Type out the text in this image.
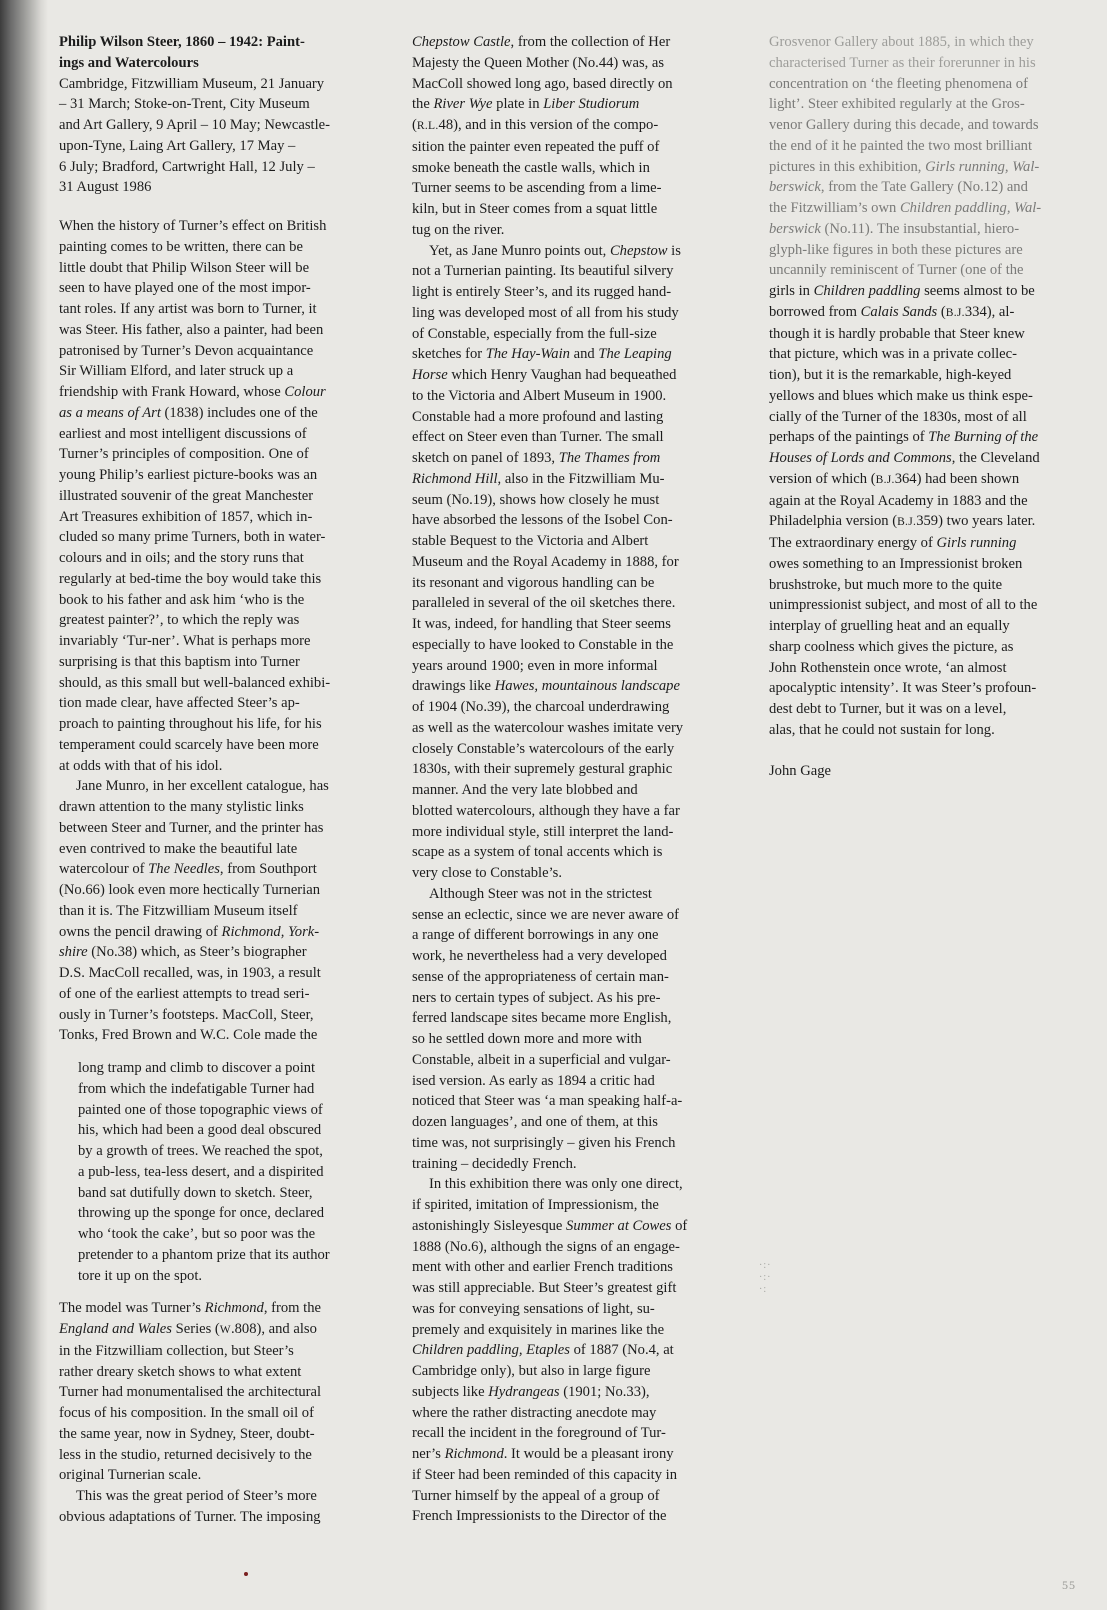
Philip Wilson Steer, 1860 – 1942: Paint-
ings and Watercolours
Cambridge, Fitzwilliam Museum, 21 January
– 31 March; Stoke-on-Trent, City Museum
and Art Gallery, 9 April – 10 May; Newcastle-
upon-Tyne, Laing Art Gallery, 17 May –
6 July; Bradford, Cartwright Hall, 12 July –
31 August 1986

When the history of Turner’s effect on British
painting comes to be written, there can be
little doubt that Philip Wilson Steer will be
seen to have played one of the most impor-
tant roles. If any artist was born to Turner, it
was Steer. His father, also a painter, had been
patronised by Turner’s Devon acquaintance
Sir William Elford, and later struck up a
friendship with Frank Howard, whose Colour
as a means of Art (1838) includes one of the
earliest and most intelligent discussions of
Turner’s principles of composition. One of
young Philip’s earliest picture-books was an
illustrated souvenir of the great Manchester
Art Treasures exhibition of 1857, which in-
cluded so many prime Turners, both in water-
colours and in oils; and the story runs that
regularly at bed-time the boy would take this
book to his father and ask him ‘who is the
greatest painter?’, to which the reply was
invariably ‘Tur-ner’. What is perhaps more
surprising is that this baptism into Turner
should, as this small but well-balanced exhibi-
tion made clear, have affected Steer’s ap-
proach to painting throughout his life, for his
temperament could scarcely have been more
at odds with that of his idol.

Jane Munro, in her excellent catalogue, has
drawn attention to the many stylistic links
between Steer and Turner, and the printer has
even contrived to make the beautiful late
watercolour of The Needles, from Southport
(No.66) look even more hectically Turnerian
than it is. The Fitzwilliam Museum itself
owns the pencil drawing of Richmond, York-
shire (No.38) which, as Steer’s biographer
D.S. MacColl recalled, was, in 1903, a result
of one of the earliest attempts to tread seri-
ously in Turner’s footsteps. MacColl, Steer,
Tonks, Fred Brown and W.C. Cole made the

long tramp and climb to discover a point
from which the indefatigable Turner had
painted one of those topographic views of
his, which had been a good deal obscured
by a growth of trees. We reached the spot,
a pub-less, tea-less desert, and a dispirited
band sat dutifully down to sketch. Steer,
throwing up the sponge for once, declared
who ‘took the cake’, but so poor was the
pretender to a phantom prize that its author
tore it up on the spot.

The model was Turner’s Richmond, from the
England and Wales Series (W.808), and also
in the Fitzwilliam collection, but Steer’s
rather dreary sketch shows to what extent
Turner had monumentalised the architectural
focus of his composition. In the small oil of
the same year, now in Sydney, Steer, doubt-
less in the studio, returned decisively to the
original Turnerian scale.

This was the great period of Steer’s more
obvious adaptations of Turner. The imposing

Chepstow Castle, from the collection of Her
Majesty the Queen Mother (No.44) was, as
MacColl showed long ago, based directly on
the River Wye plate in Liber Studiorum
(R.L.48), and in this version of the compo-
sition the painter even repeated the puff of
smoke beneath the castle walls, which in
Turner seems to be ascending from a lime-
kiln, but in Steer comes from a squat little
tug on the river.

Yet, as Jane Munro points out, Chepstow is
not a Turnerian painting. Its beautiful silvery
light is entirely Steer’s, and its rugged hand-
ling was developed most of all from his study
of Constable, especially from the full-size
sketches for The Hay-Wain and The Leaping
Horse which Henry Vaughan had bequeathed
to the Victoria and Albert Museum in 1900.
Constable had a more profound and lasting
effect on Steer even than Turner. The small
sketch on panel of 1893, The Thames from
Richmond Hill, also in the Fitzwilliam Mu-
seum (No.19), shows how closely he must
have absorbed the lessons of the Isobel Con-
stable Bequest to the Victoria and Albert
Museum and the Royal Academy in 1888, for
its resonant and vigorous handling can be
paralleled in several of the oil sketches there.
It was, indeed, for handling that Steer seems
especially to have looked to Constable in the
years around 1900; even in more informal
drawings like Hawes, mountainous landscape
of 1904 (No.39), the charcoal underdrawing
as well as the watercolour washes imitate very
closely Constable’s watercolours of the early
1830s, with their supremely gestural graphic
manner. And the very late blobbed and
blotted watercolours, although they have a far
more individual style, still interpret the land-
scape as a system of tonal accents which is
very close to Constable’s.

Although Steer was not in the strictest
sense an eclectic, since we are never aware of
a range of different borrowings in any one
work, he nevertheless had a very developed
sense of the appropriateness of certain man-
ners to certain types of subject. As his pre-
ferred landscape sites became more English,
so he settled down more and more with
Constable, albeit in a superficial and vulgar-
ised version. As early as 1894 a critic had
noticed that Steer was ‘a man speaking half-a-
dozen languages’, and one of them, at this
time was, not surprisingly – given his French
training – decidedly French.

In this exhibition there was only one direct,
if spirited, imitation of Impressionism, the
astonishingly Sisleyesque Summer at Cowes of
1888 (No.6), although the signs of an engage-
ment with other and earlier French traditions
was still appreciable. But Steer’s greatest gift
was for conveying sensations of light, su-
premely and exquisitely in marines like the
Children paddling, Etaples of 1887 (No.4, at
Cambridge only), but also in large figure
subjects like Hydrangeas (1901; No.33),
where the rather distracting anecdote may
recall the incident in the foreground of Tur-
ner’s Richmond. It would be a pleasant irony
if Steer had been reminded of this capacity in
Turner himself by the appeal of a group of
French Impressionists to the Director of the

Grosvenor Gallery about 1885, in which they
characterised Turner as their forerunner in his
concentration on ‘the fleeting phenomena of
light’. Steer exhibited regularly at the Gros-
venor Gallery during this decade, and towards
the end of it he painted the two most brilliant
pictures in this exhibition, Girls running, Wal-
berswick, from the Tate Gallery (No.12) and
the Fitzwilliam’s own Children paddling, Wal-
berswick (No.11). The insubstantial, hiero-
glyph-like figures in both these pictures are
uncannily reminiscent of Turner (one of the
girls in Children paddling seems almost to be
borrowed from Calais Sands (B.J.334), al-
though it is hardly probable that Steer knew
that picture, which was in a private collec-
tion), but it is the remarkable, high-keyed
yellows and blues which make us think espe-
cially of the Turner of the 1830s, most of all
perhaps of the paintings of The Burning of the
Houses of Lords and Commons, the Cleveland
version of which (B.J.364) had been shown
again at the Royal Academy in 1883 and the
Philadelphia version (B.J.359) two years later.
The extraordinary energy of Girls running
owes something to an Impressionist broken
brushstroke, but much more to the quite
unimpressionist subject, and most of all to the
interplay of gruelling heat and an equally
sharp coolness which gives the picture, as
John Rothenstein once wrote, ‘an almost
apocalyptic intensity’. It was Steer’s profoun-
dest debt to Turner, but it was on a level,
alas, that he could not sustain for long.

John Gage

·:·
·:·
·:
55
